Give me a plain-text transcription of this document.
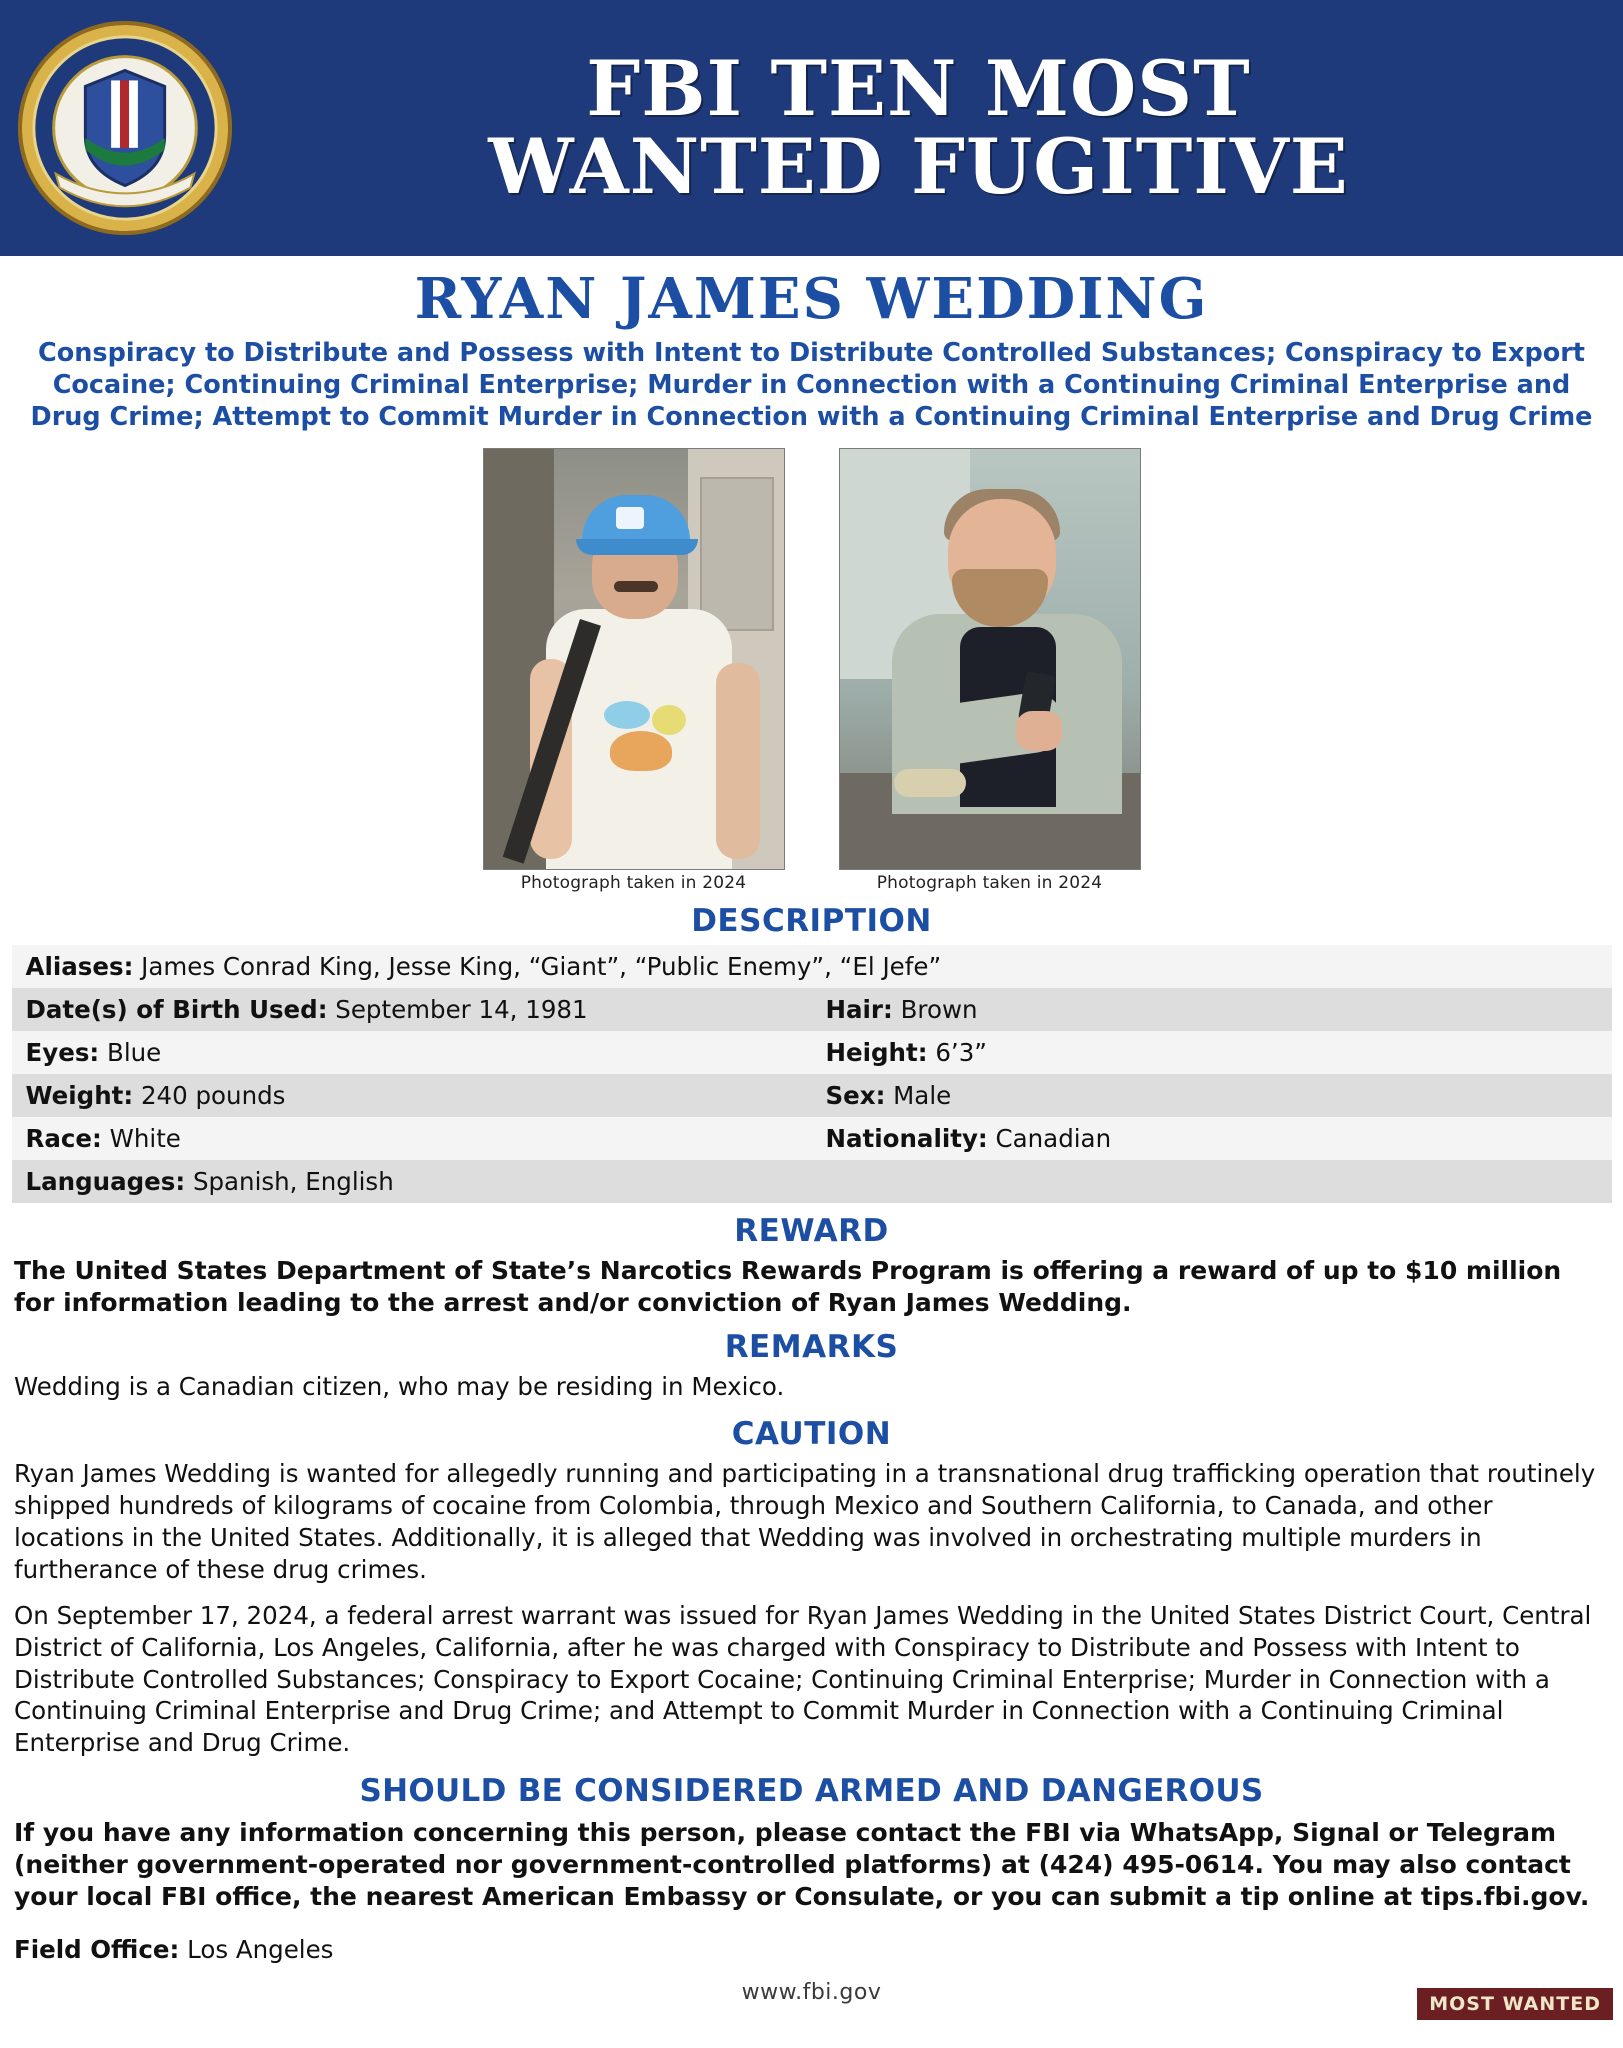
FBI TEN MOST
WANTED FUGITIVE
RYAN JAMES WEDDING
Conspiracy to Distribute and Possess with Intent to Distribute Controlled Substances; Conspiracy to Export Cocaine; Continuing Criminal Enterprise; Murder in Connection with a Continuing Criminal Enterprise and Drug Crime; Attempt to Commit Murder in Connection with a Continuing Criminal Enterprise and Drug Crime
Photograph taken in 2024	Photograph taken in 2024
DESCRIPTION
Aliases: James Conrad King, Jesse King, “Giant”, “Public Enemy”, “El Jefe”	
Date(s) of Birth Used: September 14, 1981	Hair: Brown
Eyes: Blue	Height: 6’3”
Weight: 240 pounds	Sex: Male
Race: White	Nationality: Canadian
Languages: Spanish, English	
REWARD
The United States Department of State’s Narcotics Rewards Program is offering a reward of up to $10 million for information leading to the arrest and/or conviction of Ryan James Wedding.
REMARKS
Wedding is a Canadian citizen, who may be residing in Mexico.
CAUTION
Ryan James Wedding is wanted for allegedly running and participating in a transnational drug trafficking operation that routinely shipped hundreds of kilograms of cocaine from Colombia, through Mexico and Southern California, to Canada, and other locations in the United States. Additionally, it is alleged that Wedding was involved in orchestrating multiple murders in furtherance of these drug crimes.
On September 17, 2024, a federal arrest warrant was issued for Ryan James Wedding in the United States District Court, Central District of California, Los Angeles, California, after he was charged with Conspiracy to Distribute and Possess with Intent to Distribute Controlled Substances; Conspiracy to Export Cocaine; Continuing Criminal Enterprise; Murder in Connection with a Continuing Criminal Enterprise and Drug Crime; and Attempt to Commit Murder in Connection with a Continuing Criminal Enterprise and Drug Crime.
SHOULD BE CONSIDERED ARMED AND DANGEROUS
If you have any information concerning this person, please contact the FBI via WhatsApp, Signal or Telegram (neither government-operated nor government-controlled platforms) at (424) 495-0614. You may also contact your local FBI office, the nearest American Embassy or Consulate, or you can submit a tip online at tips.fbi.gov.
Field Office: Los Angeles
www.fbi.gov	MOST WANTED
